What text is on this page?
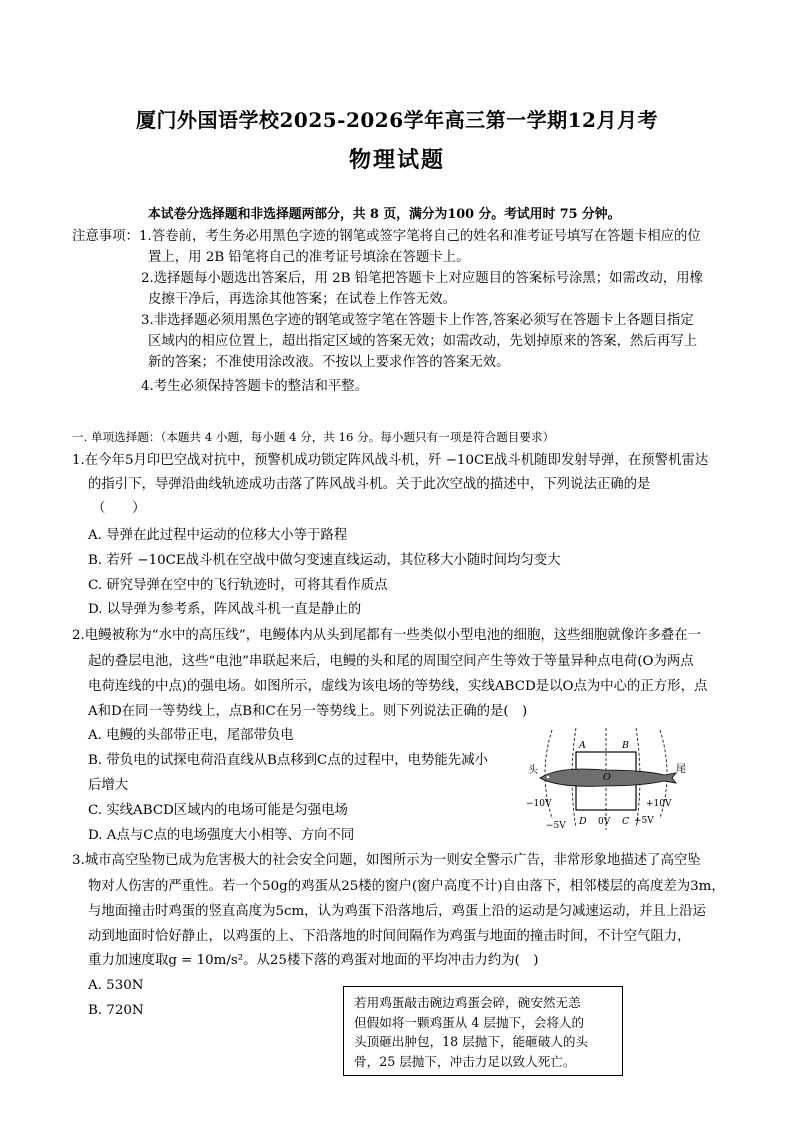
厦门外国语学校2025-2026学年高三第一学期12月月考
物理试题
本试卷分选择题和非选择题两部分，共 8 页，满分为100 分。考试用时 75 分钟。
注意事项： 1.答卷前，考生务必用黑色字迹的钢笔或签字笔将自己的姓名和准考证号填写在答题卡相应的位
置上，用 2B 铅笔将自己的准考证号填涂在答题卡上。
2.选择题每小题选出答案后，用 2B 铅笔把答题卡上对应题目的答案标号涂黑；如需改动，用橡
皮擦干净后，再选涂其他答案；在试卷上作答无效。
3.非选择题必须用黑色字迹的钢笔或签字笔在答题卡上作答,答案必须写在答题卡上各题目指定
区域内的相应位置上，超出指定区域的答案无效；如需改动，先划掉原来的答案，然后再写上
新的答案；不准使用涂改液。不按以上要求作答的答案无效。
4.考生必须保持答题卡的整洁和平整。
一. 单项选择题：（本题共 4 小题，每小题 4 分，共 16 分。每小题只有一项是符合题目要求）
1.在今年5月印巴空战对抗中，预警机成功锁定阵风战斗机，歼 −10CE战斗机随即发射导弹，在预警机雷达
的指引下，导弹沿曲线轨迹成功击落了阵风战斗机。关于此次空战的描述中，下列说法正确的是
（　　）
A. 导弹在此过程中运动的位移大小等于路程
B. 若歼 −10CE战斗机在空战中做匀变速直线运动，其位移大小随时间均匀变大
C. 研究导弹在空中的飞行轨迹时，可将其看作质点
D. 以导弹为参考系，阵风战斗机一直是静止的
2.电鳗被称为“水中的高压线”，电鳗体内从头到尾都有一些类似小型电池的细胞，这些细胞就像许多叠在一
起的叠层电池，这些“电池”串联起来后，电鳗的头和尾的周围空间产生等效于等量异种点电荷(O为两点
电荷连线的中点)的强电场。如图所示，虚线为该电场的等势线，实线ABCD是以O点为中心的正方形，点
A和D在同一等势线上，点B和C在另一等势线上。则下列说法正确的是(　)
A. 电鳗的头部带正电，尾部带负电
B. 带负电的试探电荷沿直线从B点移到C点的过程中，电势能先减小
后增大
C. 实线ABCD区域内的电场可能是匀强电场
D. A点与C点的电场强度大小相等、方向不同
头	尾
A	B
C
D
O
−10V	+10V
−5V	0V	+5V
3.城市高空坠物已成为危害极大的社会安全问题，如图所示为一则安全警示广告，非常形象地描述了高空坠
物对人伤害的严重性。若一个50g的鸡蛋从25楼的窗户(窗户高度不计)自由落下，相邻楼层的高度差为3m，
与地面撞击时鸡蛋的竖直高度为5cm，认为鸡蛋下沿落地后，鸡蛋上沿的运动是匀减速运动，并且上沿运
动到地面时恰好静止，以鸡蛋的上、下沿落地的时间间隔作为鸡蛋与地面的撞击时间，不计空气阻力，
重力加速度取g = 10m/s²。从25楼下落的鸡蛋对地面的平均冲击力约为(　)
A. 530N
B. 720N
若用鸡蛋敲击碗边鸡蛋会碎，碗安然无恙
但假如将一颗鸡蛋从 4 层抛下，会将人的
头顶砸出肿包，18 层抛下，能砸破人的头
骨，25 层抛下，冲击力足以致人死亡。
